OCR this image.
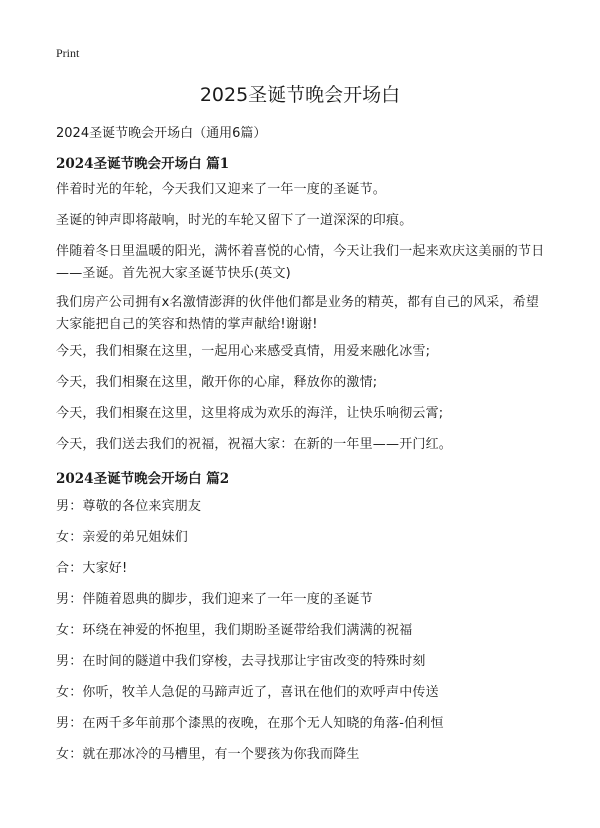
Print
2025圣诞节晚会开场白
2024圣诞节晚会开场白（通用6篇）
2024圣诞节晚会开场白 篇1

伴着时光的年轮，今天我们又迎来了一年一度的圣诞节。

圣诞的钟声即将敲响，时光的车轮又留下了一道深深的印痕。

伴随着冬日里温暖的阳光，满怀着喜悦的心情，今天让我们一起来欢庆这美丽的节日——圣诞。首先祝大家圣诞节快乐(英文)

我们房产公司拥有x名激情澎湃的伙伴他们都是业务的精英，都有自己的风采，希望大家能把自己的笑容和热情的掌声献给!谢谢!

今天，我们相聚在这里，一起用心来感受真情，用爱来融化冰雪;

今天，我们相聚在这里，敞开你的心扉，释放你的激情;

今天，我们相聚在这里，这里将成为欢乐的海洋，让快乐响彻云霄;

今天，我们送去我们的祝福，祝福大家：在新的一年里——开门红。

2024圣诞节晚会开场白 篇2

男：尊敬的各位来宾朋友

女：亲爱的弟兄姐妹们

合：大家好!

男：伴随着恩典的脚步，我们迎来了一年一度的圣诞节

女：环绕在神爱的怀抱里，我们期盼圣诞带给我们满满的祝福

男：在时间的隧道中我们穿梭，去寻找那让宇宙改变的特殊时刻

女：你听，牧羊人急促的马蹄声近了，喜讯在他们的欢呼声中传送

男：在两千多年前那个漆黑的夜晚，在那个无人知晓的角落-伯利恒

女：就在那冰冷的马槽里，有一个婴孩为你我而降生
